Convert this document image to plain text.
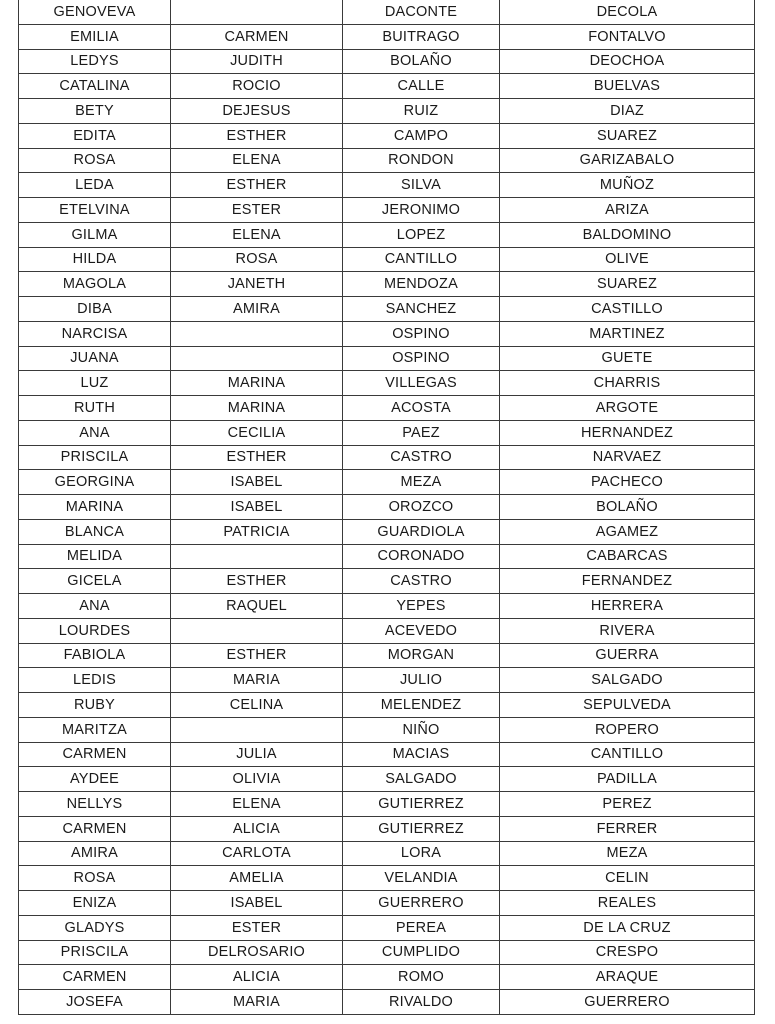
GENOVEVA		DACONTE	DECOLA
EMILIA	CARMEN	BUITRAGO	FONTALVO
LEDYS	JUDITH	BOLAÑO	DEOCHOA
CATALINA	ROCIO	CALLE	BUELVAS
BETY	DEJESUS	RUIZ	DIAZ
EDITA	ESTHER	CAMPO	SUAREZ
ROSA	ELENA	RONDON	GARIZABALO
LEDA	ESTHER	SILVA	MUÑOZ
ETELVINA	ESTER	JERONIMO	ARIZA
GILMA	ELENA	LOPEZ	BALDOMINO
HILDA	ROSA	CANTILLO	OLIVE
MAGOLA	JANETH	MENDOZA	SUAREZ
DIBA	AMIRA	SANCHEZ	CASTILLO
NARCISA		OSPINO	MARTINEZ
JUANA		OSPINO	GUETE
LUZ	MARINA	VILLEGAS	CHARRIS
RUTH	MARINA	ACOSTA	ARGOTE
ANA	CECILIA	PAEZ	HERNANDEZ
PRISCILA	ESTHER	CASTRO	NARVAEZ
GEORGINA	ISABEL	MEZA	PACHECO
MARINA	ISABEL	OROZCO	BOLAÑO
BLANCA	PATRICIA	GUARDIOLA	AGAMEZ
MELIDA		CORONADO	CABARCAS
GICELA	ESTHER	CASTRO	FERNANDEZ
ANA	RAQUEL	YEPES	HERRERA
LOURDES		ACEVEDO	RIVERA
FABIOLA	ESTHER	MORGAN	GUERRA
LEDIS	MARIA	JULIO	SALGADO
RUBY	CELINA	MELENDEZ	SEPULVEDA
MARITZA		NIÑO	ROPERO
CARMEN	JULIA	MACIAS	CANTILLO
AYDEE	OLIVIA	SALGADO	PADILLA
NELLYS	ELENA	GUTIERREZ	PEREZ
CARMEN	ALICIA	GUTIERREZ	FERRER
AMIRA	CARLOTA	LORA	MEZA
ROSA	AMELIA	VELANDIA	CELIN
ENIZA	ISABEL	GUERRERO	REALES
GLADYS	ESTER	PEREA	DE LA CRUZ
PRISCILA	DELROSARIO	CUMPLIDO	CRESPO
CARMEN	ALICIA	ROMO	ARAQUE
JOSEFA	MARIA	RIVALDO	GUERRERO
